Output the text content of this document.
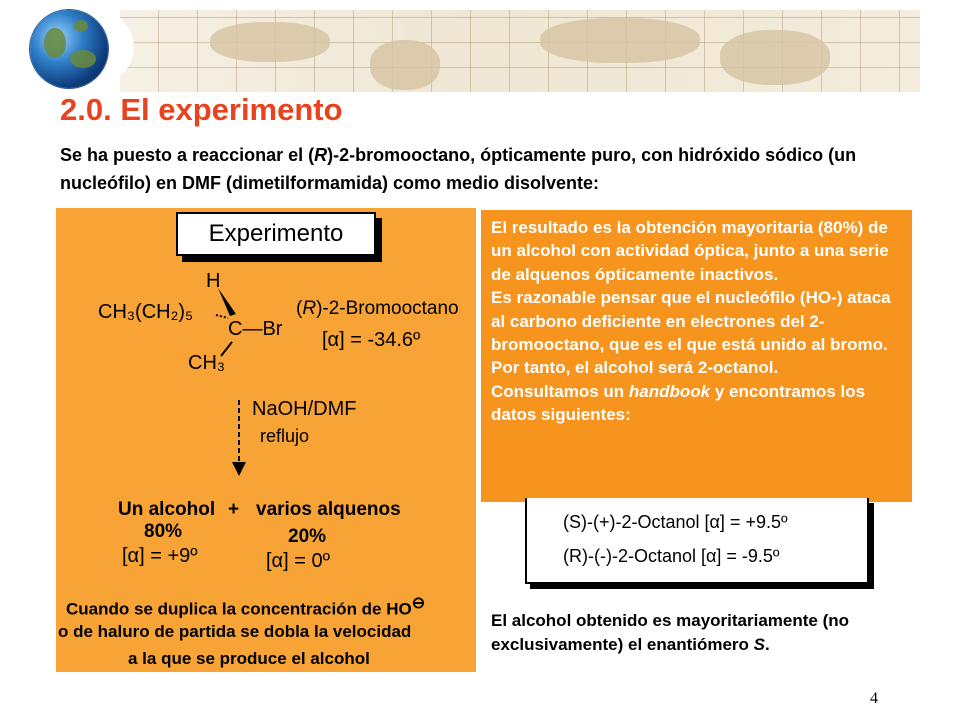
2.0. El experimento

Se ha puesto a reaccionar el (R)-2-bromooctano, ópticamente puro, con hidróxido sódico (un nucleófilo) en DMF (dimetilformamida) como medio disolvente:

Experimento
H
CH₃(CH₂)₅
C—Br
CH₃
(R)-2-Bromooctano
[α] = -34.6º
NaOH/DMF
reflujo
Un alcohol + varios alquenos
80%	20%
[α] = +9º	[α] = 0º
Cuando se duplica la concentración de HO⊖
o de haluro de partida se dobla la velocidad
a la que se produce el alcohol

El resultado es la obtención mayoritaria (80%) de un alcohol con actividad óptica, junto a una serie de alquenos ópticamente inactivos.
Es razonable pensar que el nucleófilo (HO-) ataca al carbono deficiente en electrones del 2-bromooctano, que es el que está unido al bromo.
Por tanto, el alcohol será 2-octanol.
Consultamos un handbook y encontramos los datos siguientes:

(S)-(+)-2-Octanol [α] = +9.5º
(R)-(-)-2-Octanol [α] = -9.5º

El alcohol obtenido es mayoritariamente (no exclusivamente) el enantiómero S.

4
